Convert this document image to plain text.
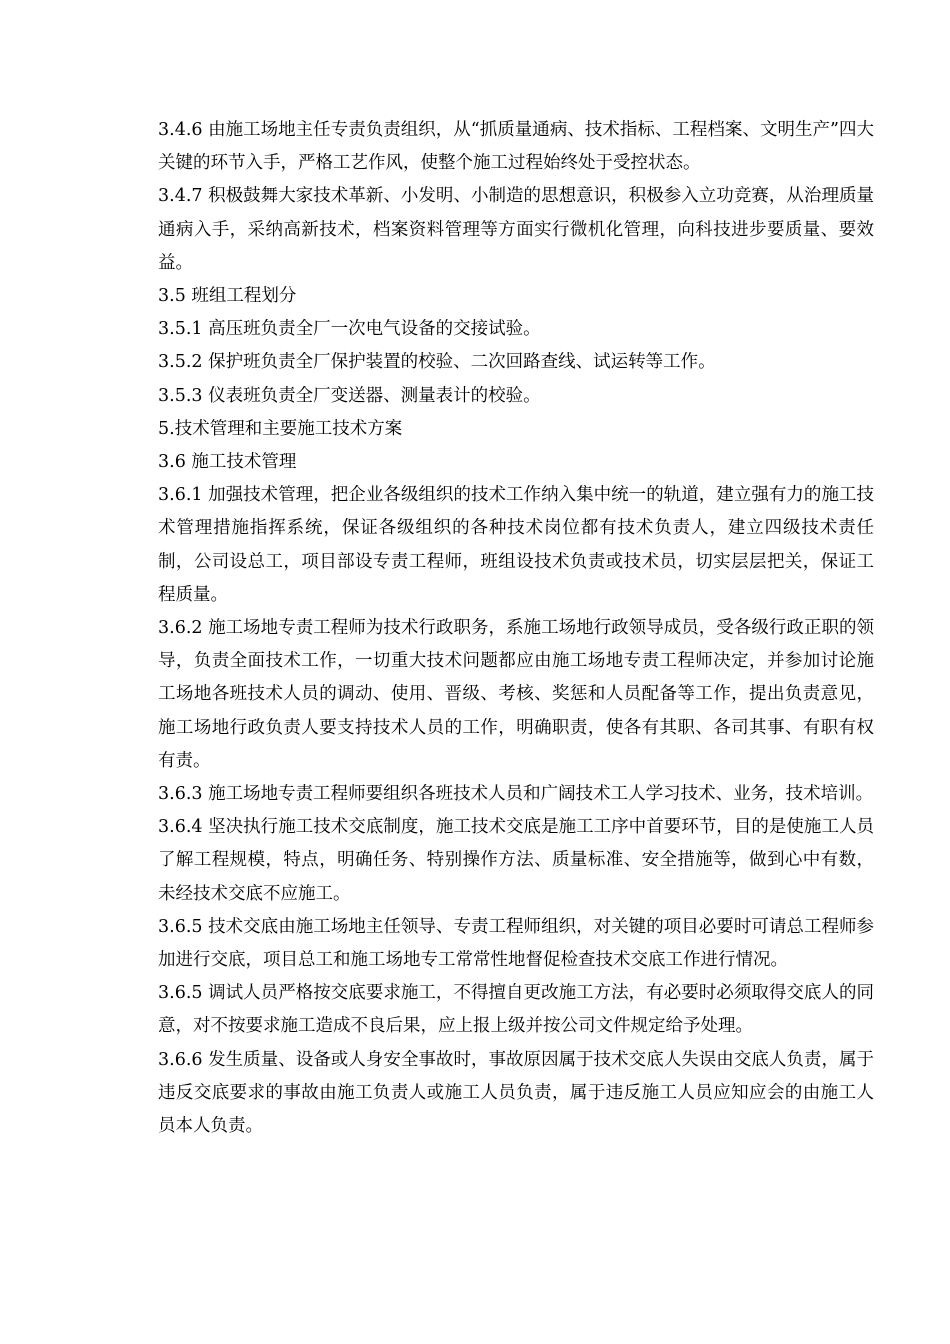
3.4.6 由施工场地主任专责负责组织，从“抓质量通病、技术指标、工程档案、文明生产”四大关键的环节入手，严格工艺作风，使整个施工过程始终处于受控状态。

3.4.7 积极鼓舞大家技术革新、小发明、小制造的思想意识，积极参入立功竞赛，从治理质量通病入手，采纳高新技术，档案资料管理等方面实行微机化管理，向科技进步要质量、要效益。

3.5 班组工程划分

3.5.1 高压班负责全厂一次电气设备的交接试验。

3.5.2 保护班负责全厂保护装置的校验、二次回路查线、试运转等工作。

3.5.3 仪表班负责全厂变送器、测量表计的校验。

5.技术管理和主要施工技术方案

3.6 施工技术管理

3.6.1 加强技术管理，把企业各级组织的技术工作纳入集中统一的轨道，建立强有力的施工技术管理措施指挥系统，保证各级组织的各种技术岗位都有技术负责人，建立四级技术责任制，公司设总工，项目部设专责工程师，班组设技术负责或技术员，切实层层把关，保证工程质量。

3.6.2 施工场地专责工程师为技术行政职务，系施工场地行政领导成员，受各级行政正职的领导，负责全面技术工作，一切重大技术问题都应由施工场地专责工程师决定，并参加讨论施工场地各班技术人员的调动、使用、晋级、考核、奖惩和人员配备等工作，提出负责意见，施工场地行政负责人要支持技术人员的工作，明确职责，使各有其职、各司其事、有职有权有责。

3.6.3 施工场地专责工程师要组织各班技术人员和广阔技术工人学习技术、业务，技术培训。

3.6.4 坚决执行施工技术交底制度，施工技术交底是施工工序中首要环节，目的是使施工人员了解工程规模，特点，明确任务、特别操作方法、质量标准、安全措施等，做到心中有数，未经技术交底不应施工。

3.6.5 技术交底由施工场地主任领导、专责工程师组织，对关键的项目必要时可请总工程师参加进行交底，项目总工和施工场地专工常常性地督促检查技术交底工作进行情况。

3.6.5 调试人员严格按交底要求施工，不得擅自更改施工方法，有必要时必须取得交底人的同意，对不按要求施工造成不良后果，应上报上级并按公司文件规定给予处理。

3.6.6 发生质量、设备或人身安全事故时，事故原因属于技术交底人失误由交底人负责，属于违反交底要求的事故由施工负责人或施工人员负责，属于违反施工人员应知应会的由施工人员本人负责。
